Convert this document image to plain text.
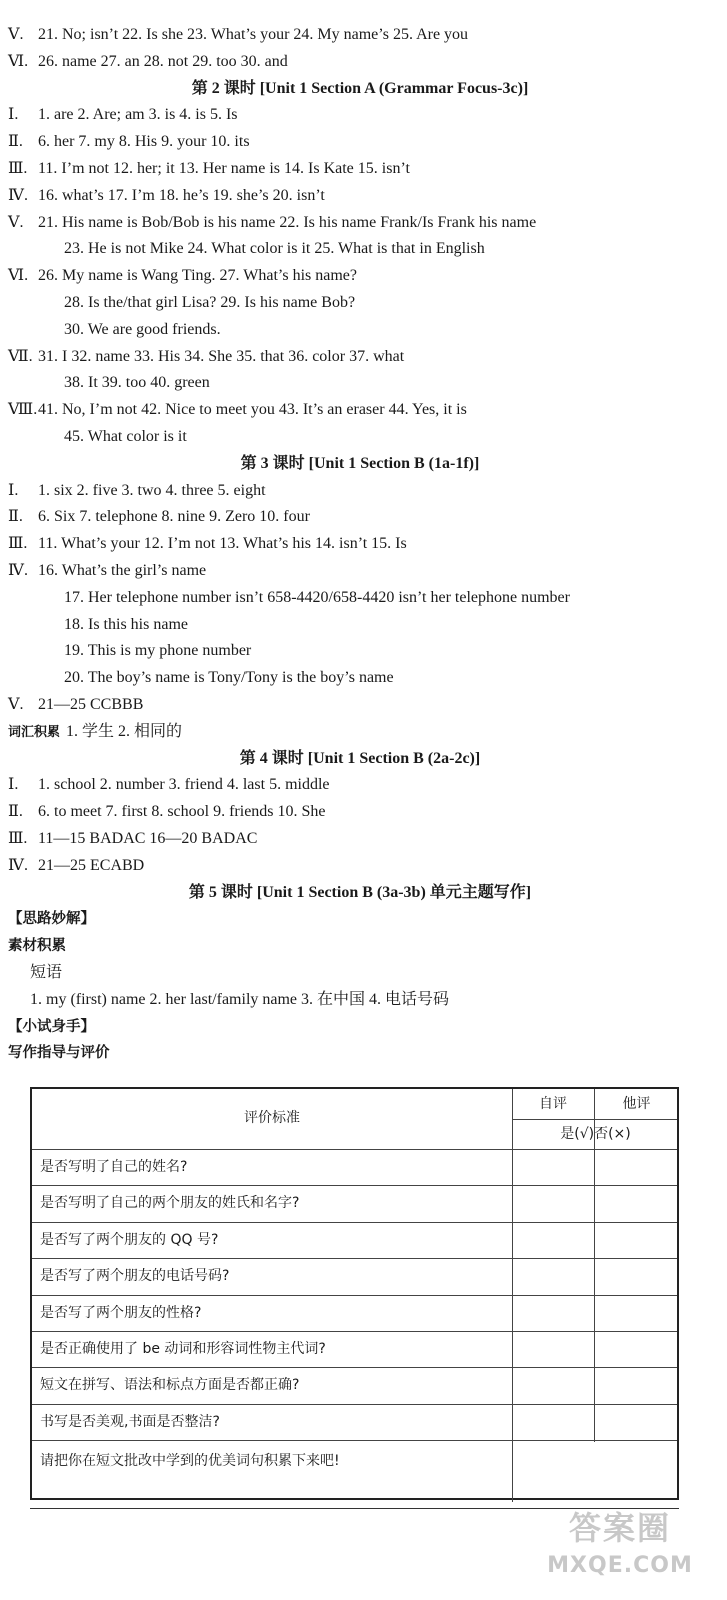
Ⅴ. 21. No; isn’t 22. Is she 23. What’s your 24. My name’s 25. Are you
Ⅵ. 26. name 27. an 28. not 29. too 30. and
第 2 课时 [Unit 1 Section A (Grammar Focus-3c)]
Ⅰ.	1. are 2. Are; am 3. is 4. is 5. Is
Ⅱ. 6. her 7. my 8. His 9. your 10. its
Ⅲ. 11. I’m not 12. her; it 13. Her name is 14. Is Kate 15. isn’t
Ⅳ. 16. what’s 17. I’m 18. he’s 19. she’s 20. isn’t
Ⅴ. 21. His name is Bob/Bob is his name 22. Is his name Frank/Is Frank his name
23. He is not Mike 24. What color is it 25. What is that in English
Ⅵ. 26. My name is Wang Ting. 27. What’s his name?
28. Is the/that girl Lisa? 29. Is his name Bob?
30. We are good friends.
Ⅶ. 31. I 32. name 33. His 34. She 35. that 36. color 37. what
38. It 39. too 40. green
Ⅷ. 41. No, I’m not 42. Nice to meet you 43. It’s an eraser 44. Yes, it is
45. What color is it
第 3 课时 [Unit 1 Section B (1a-1f)]
Ⅰ.	1. six 2. five 3. two 4. three 5. eight
Ⅱ. 6. Six 7. telephone 8. nine 9. Zero 10. four
Ⅲ. 11. What’s your 12. I’m not 13. What’s his 14. isn’t 15. Is
Ⅳ. 16. What’s the girl’s name
17. Her telephone number isn’t 658-4420/658-4420 isn’t her telephone number
18. Is this his name
19. This is my phone number
20. The boy’s name is Tony/Tony is the boy’s name
Ⅴ. 21—25 CCBBB
词汇积累 1. 学生 2. 相同的
第 4 课时 [Unit 1 Section B (2a-2c)]
Ⅰ.	1. school 2. number 3. friend 4. last 5. middle
Ⅱ. 6. to meet 7. first 8. school 9. friends 10. She
Ⅲ. 11—15 BADAC 16—20 BADAC
Ⅳ. 21—25 ECABD
第 5 课时 [Unit 1 Section B (3a-3b) 单元主题写作]
【思路妙解】
素材积累
短语
1. my (first) name 2. her last/family name 3. 在中国 4. 电话号码
【小试身手】
写作指导与评价
评价标准
自评	他评
是(√)否(×)
是否写明了自己的姓名?
是否写明了自己的两个朋友的姓氏和名字?
是否写了两个朋友的 QQ 号?
是否写了两个朋友的电话号码?
是否写了两个朋友的性格?
是否正确使用了 be 动词和形容词性物主代词?
短文在拼写、语法和标点方面是否都正确?
书写是否美观,书面是否整洁?
请把你在短文批改中学到的优美词句积累下来吧!
答案圈
MXQE.COM
